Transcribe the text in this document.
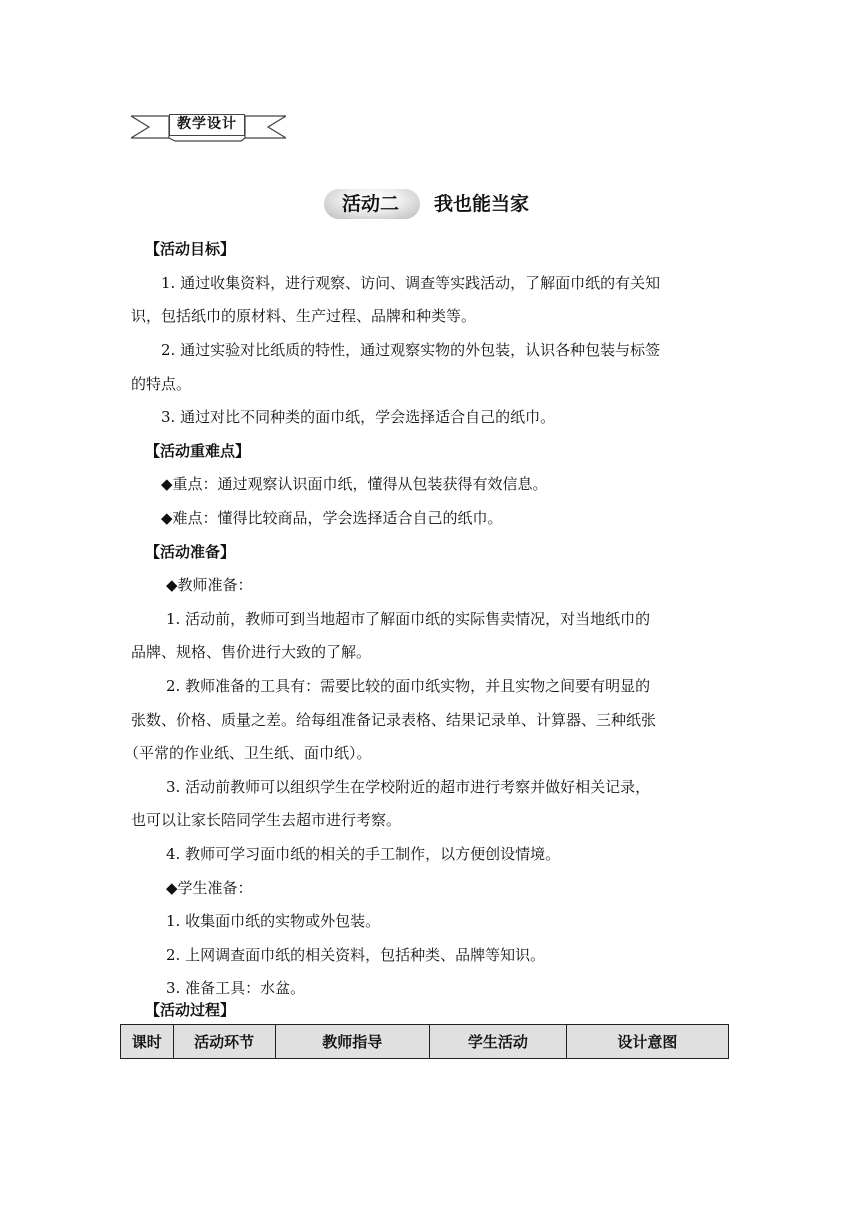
教学设计
活动二 我也能当家
【活动目标】
1. 通过收集资料，进行观察、访问、调查等实践活动，了解面巾纸的有关知
识，包括纸巾的原材料、生产过程、品牌和种类等。
2. 通过实验对比纸质的特性，通过观察实物的外包装，认识各种包装与标签
的特点。
3. 通过对比不同种类的面巾纸，学会选择适合自己的纸巾。
【活动重难点】
◆重点：通过观察认识面巾纸，懂得从包装获得有效信息。
◆难点：懂得比较商品，学会选择适合自己的纸巾。
【活动准备】
◆教师准备：
1. 活动前，教师可到当地超市了解面巾纸的实际售卖情况，对当地纸巾的
品牌、规格、售价进行大致的了解。
2. 教师准备的工具有：需要比较的面巾纸实物，并且实物之间要有明显的
张数、价格、质量之差。给每组准备记录表格、结果记录单、计算器、三种纸张
（平常的作业纸、卫生纸、面巾纸）。
3. 活动前教师可以组织学生在学校附近的超市进行考察并做好相关记录，
也可以让家长陪同学生去超市进行考察。
4. 教师可学习面巾纸的相关的手工制作，以方便创设情境。
◆学生准备：
1. 收集面巾纸的实物或外包装。
2. 上网调查面巾纸的相关资料，包括种类、品牌等知识。
3. 准备工具：水盆。
【活动过程】
课时	活动环节	教师指导	学生活动	设计意图
